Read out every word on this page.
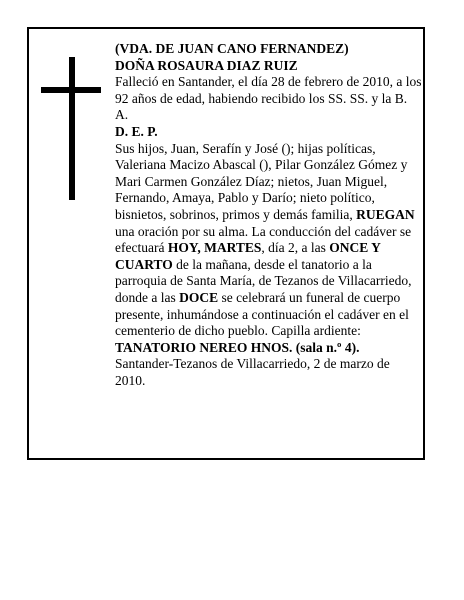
(VDA. DE JUAN CANO FERNANDEZ)

DOÑA ROSAURA DIAZ RUIZ

Falleció en Santander, el día 28 de febrero de 2010, a los 92 años de edad, habiendo recibido los SS. SS. y la B. A.

D. E. P.

Sus hijos, Juan, Serafín y José (); hijas políticas, Valeriana Macizo Abascal (), Pilar González Gómez y Mari Carmen González Díaz; nietos, Juan Miguel, Fernando, Amaya, Pablo y Darío; nieto político, bisnietos, sobrinos, primos y demás familia, RUEGAN una oración por su alma. La conducción del cadáver se efectuará HOY, MARTES, día 2, a las ONCE Y CUARTO de la mañana, desde el tanatorio a la parroquia de Santa María, de Tezanos de Villacarriedo, donde a las DOCE se celebrará un funeral de cuerpo presente, inhumándose a continuación el cadáver en el cementerio de dicho pueblo. Capilla ardiente: TANATORIO NEREO HNOS. (sala n.º 4).

Santander-Tezanos de Villacarriedo, 2 de marzo de 2010.
